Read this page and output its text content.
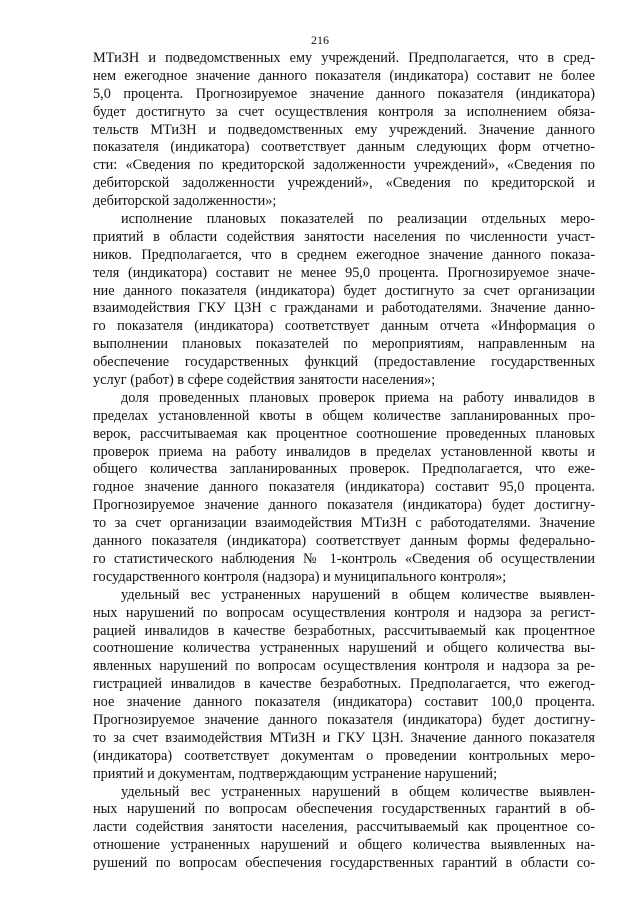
216
МТиЗН и подведомственных ему учреждений. Предполагается, что в сред-
нем ежегодное значение данного показателя (индикатора) составит не более
5,0 процента. Прогнозируемое значение данного показателя (индикатора)
будет достигнуто за счет осуществления контроля за исполнением обяза-
тельств МТиЗН и подведомственных ему учреждений. Значение данного
показателя (индикатора) соответствует данным следующих форм отчетно-
сти: «Сведения по кредиторской задолженности учреждений», «Сведения по
дебиторской задолженности учреждений», «Сведения по кредиторской и
дебиторской задолженности»;
исполнение плановых показателей по реализации отдельных меро-
приятий в области содействия занятости населения по численности участ-
ников. Предполагается, что в среднем ежегодное значение данного показа-
теля (индикатора) составит не менее 95,0 процента. Прогнозируемое значе-
ние данного показателя (индикатора) будет достигнуто за счет организации
взаимодействия ГКУ ЦЗН с гражданами и работодателями. Значение данно-
го показателя (индикатора) соответствует данным отчета «Информация о
выполнении плановых показателей по мероприятиям, направленным на
обеспечение государственных функций (предоставление государственных
услуг (работ) в сфере содействия занятости населения»;
доля проведенных плановых проверок приема на работу инвалидов в
пределах установленной квоты в общем количестве запланированных про-
верок, рассчитываемая как процентное соотношение проведенных плановых
проверок приема на работу инвалидов в пределах установленной квоты и
общего количества запланированных проверок. Предполагается, что еже-
годное значение данного показателя (индикатора) составит 95,0 процента.
Прогнозируемое значение данного показателя (индикатора) будет достигну-
то за счет организации взаимодействия МТиЗН с работодателями. Значение
данного показателя (индикатора) соответствует данным формы федерально-
го статистического наблюдения № 1-контроль «Сведения об осуществлении
государственного контроля (надзора) и муниципального контроля»;
удельный вес устраненных нарушений в общем количестве выявлен-
ных нарушений по вопросам осуществления контроля и надзора за регист-
рацией инвалидов в качестве безработных, рассчитываемый как процентное
соотношение количества устраненных нарушений и общего количества вы-
явленных нарушений по вопросам осуществления контроля и надзора за ре-
гистрацией инвалидов в качестве безработных. Предполагается, что ежегод-
ное значение данного показателя (индикатора) составит 100,0 процента.
Прогнозируемое значение данного показателя (индикатора) будет достигну-
то за счет взаимодействия МТиЗН и ГКУ ЦЗН. Значение данного показателя
(индикатора) соответствует документам о проведении контрольных меро-
приятий и документам, подтверждающим устранение нарушений;
удельный вес устраненных нарушений в общем количестве выявлен-
ных нарушений по вопросам обеспечения государственных гарантий в об-
ласти содействия занятости населения, рассчитываемый как процентное со-
отношение устраненных нарушений и общего количества выявленных на-
рушений по вопросам обеспечения государственных гарантий в области со-
